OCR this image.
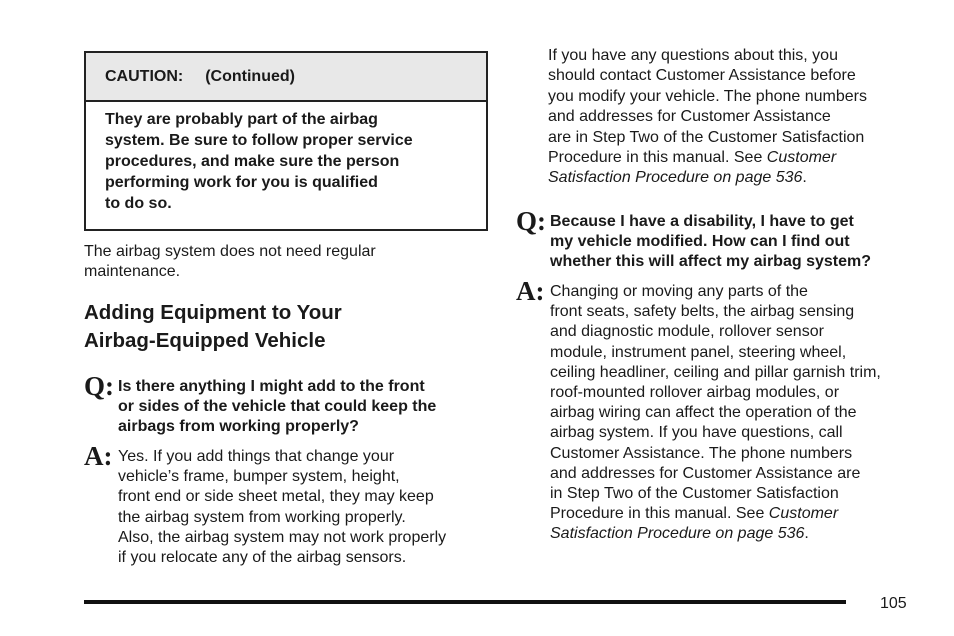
CAUTION: (Continued)
They are probably part of the airbag
system. Be sure to follow proper service
procedures, and make sure the person
performing work for you is qualified
to do so.
The airbag system does not need regular
maintenance.
Adding Equipment to Your
Airbag-Equipped Vehicle
Q: Is there anything I might add to the front
or sides of the vehicle that could keep the
airbags from working properly?
A: Yes. If you add things that change your
vehicle’s frame, bumper system, height,
front end or side sheet metal, they may keep
the airbag system from working properly.
Also, the airbag system may not work properly
if you relocate any of the airbag sensors.
If you have any questions about this, you
should contact Customer Assistance before
you modify your vehicle. The phone numbers
and addresses for Customer Assistance
are in Step Two of the Customer Satisfaction
Procedure in this manual. See Customer
Satisfaction Procedure on page 536.
Q: Because I have a disability, I have to get
my vehicle modified. How can I find out
whether this will affect my airbag system?
A: Changing or moving any parts of the
front seats, safety belts, the airbag sensing
and diagnostic module, rollover sensor
module, instrument panel, steering wheel,
ceiling headliner, ceiling and pillar garnish trim,
roof-mounted rollover airbag modules, or
airbag wiring can affect the operation of the
airbag system. If you have questions, call
Customer Assistance. The phone numbers
and addresses for Customer Assistance are
in Step Two of the Customer Satisfaction
Procedure in this manual. See Customer
Satisfaction Procedure on page 536.
105
